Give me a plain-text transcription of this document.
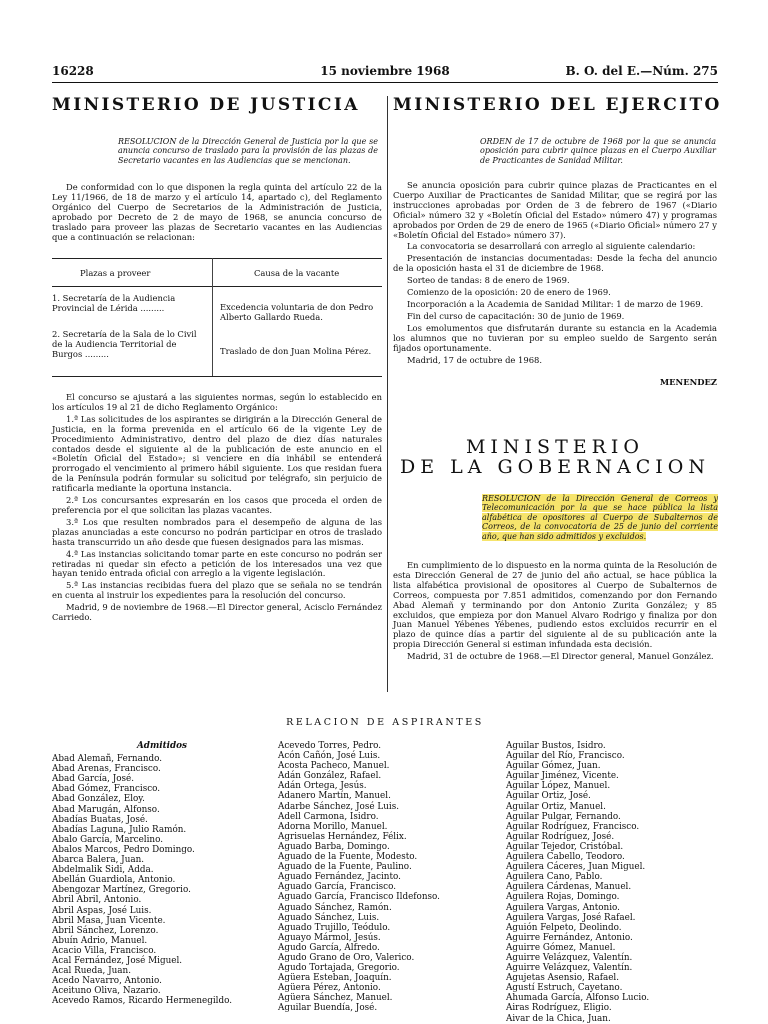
16228	15 noviembre 1968	B. O. del E.—Núm. 275
MINISTERIO DE JUSTICIA
RESOLUCION de la Dirección General de Justicia por la que se anuncia concurso de traslado para la provisión de las plazas de Secretario vacantes en las Audiencias que se mencionan.

De conformidad con lo que disponen la regla quinta del artículo 22 de la Ley 11/1966, de 18 de marzo y el artículo 14, apartado c), del Reglamento Orgánico del Cuerpo de Secretarios de la Administración de Justicia, aprobado por Decreto de 2 de mayo de 1968, se anuncia concurso de traslado para proveer las plazas de Secretario vacantes en las Audiencias que a continuación se relacionan:

Plazas a proveer	Causa de la vacante
1. Secretaría de la Audiencia Provincial de Lérida .........	Excedencia voluntaria de don Pedro Alberto Gallardo Rueda.
2. Secretaría de la Sala de lo Civil de la Audiencia Territorial de Burgos .........	Traslado de don Juan Molina Pérez.

El concurso se ajustará a las siguientes normas, según lo establecido en los artículos 19 al 21 de dicho Reglamento Orgánico:

1.ª Las solicitudes de los aspirantes se dirigirán a la Dirección General de Justicia, en la forma prevenida en el artículo 66 de la vigente Ley de Procedimiento Administrativo, dentro del plazo de diez días naturales contados desde el siguiente al de la publicación de este anuncio en el «Boletín Oficial del Estado»; si venciere en día inhábil se entenderá prorrogado el vencimiento al primero hábil siguiente. Los que residan fuera de la Península podrán formular su solicitud por telégrafo, sin perjuicio de ratificarla mediante la oportuna instancia.

2.ª Los concursantes expresarán en los casos que proceda el orden de preferencia por el que solicitan las plazas vacantes.

3.ª Los que resulten nombrados para el desempeño de alguna de las plazas anunciadas a este concurso no podrán participar en otros de traslado hasta transcurrido un año desde que fuesen designados para las mismas.

4.ª Las instancias solicitando tomar parte en este concurso no podrán ser retiradas ni quedar sin efecto a petición de los interesados una vez que hayan tenido entrada oficial con arreglo a la vigente legislación.

5.ª Las instancias recibidas fuera del plazo que se señala no se tendrán en cuenta al instruir los expedientes para la resolución del concurso.

Madrid, 9 de noviembre de 1968.—El Director general, Acisclo Fernández Carriedo.

MINISTERIO DEL EJERCITO
ORDEN de 17 de octubre de 1968 por la que se anuncia oposición para cubrir quince plazas en el Cuerpo Auxiliar de Practicantes de Sanidad Militar.

Se anuncia oposición para cubrir quince plazas de Practicantes en el Cuerpo Auxiliar de Practicantes de Sanidad Militar, que se regirá por las instrucciones aprobadas por Orden de 3 de febrero de 1967 («Diario Oficial» número 32 y «Boletín Oficial del Estado» número 47) y programas aprobados por Orden de 29 de enero de 1965 («Diario Oficial» número 27 y «Boletín Oficial del Estado» número 37).

La convocatoria se desarrollará con arreglo al siguiente calendario:

Presentación de instancias documentadas: Desde la fecha del anuncio de la oposición hasta el 31 de diciembre de 1968.

Sorteo de tandas: 8 de enero de 1969.

Comienzo de la oposición: 20 de enero de 1969.

Incorporación a la Academia de Sanidad Militar: 1 de marzo de 1969.

Fin del curso de capacitación: 30 de junio de 1969.

Los emolumentos que disfrutarán durante su estancia en la Academia los alumnos que no tuvieran por su empleo sueldo de Sargento serán fijados oportunamente.

Madrid, 17 de octubre de 1968.

MENENDEZ
MINISTERIO
DE LA GOBERNACION
RESOLUCION de la Dirección General de Correos y Telecomunicación por la que se hace pública la lista alfabética de opositores al Cuerpo de Subalternos de Correos, de la convocatoria de 25 de junio del corriente año, que han sido admitidos y excluidos.

En cumplimiento de lo dispuesto en la norma quinta de la Resolución de esta Dirección General de 27 de junio del año actual, se hace pública la lista alfabética provisional de opositores al Cuerpo de Subalternos de Correos, compuesta por 7.851 admitidos, comenzando por don Fernando Abad Alemañ y terminando por don Antonio Zurita González; y 85 excluidos, que empieza por don Manuel Alvaro Rodrigo y finaliza por don Juan Manuel Yébenes Yébenes, pudiendo estos excluidos recurrir en el plazo de quince días a partir del siguiente al de su publicación ante la propia Dirección General si estiman infundada esta decisión.

Madrid, 31 de octubre de 1968.—El Director general, Manuel González.

RELACION DE ASPIRANTES
Admitidos
Abad Alemañ, Fernando.
Abad Arenas, Francisco.
Abad García, José.
Abad Gómez, Francisco.
Abad González, Eloy.
Abad Marugán, Alfonso.
Abadías Buatas, José.
Abadías Laguna, Julio Ramón.
Abalo García, Marcelino.
Abalos Marcos, Pedro Domingo.
Abarca Balera, Juan.
Abdelmalik Sidi, Adda.
Abellán Guardiola, Antonio.
Abengozar Martínez, Gregorio.
Abril Abril, Antonio.
Abril Aspas, José Luis.
Abril Masa, Juan Vicente.
Abril Sánchez, Lorenzo.
Abuín Adrio, Manuel.
Acacio Villa, Francisco.
Acal Fernández, José Miguel.
Acal Rueda, Juan.
Acedo Navarro, Antonio.
Aceituno Oliva, Nazario.
Acevedo Ramos, Ricardo Hermenegildo.
Acevedo Torres, Pedro.
Acón Cañón, José Luis.
Acosta Pacheco, Manuel.
Adán González, Rafael.
Adán Ortega, Jesús.
Adanero Martín, Manuel.
Adarbe Sánchez, José Luis.
Adell Carmona, Isidro.
Adorna Morillo, Manuel.
Agrisuelas Hernández, Félix.
Aguado Barba, Domingo.
Aguado de la Fuente, Modesto.
Aguado de la Fuente, Paulino.
Aguado Fernández, Jacinto.
Aguado García, Francisco.
Aguado García, Francisco Ildefonso.
Aguado Sánchez, Ramón.
Aguado Sánchez, Luis.
Aguado Trujillo, Teódulo.
Aguayo Mármol, Jesús.
Agudo García, Alfredo.
Agudo Grano de Oro, Valerico.
Agudo Tortajada, Gregorio.
Agüera Esteban, Joaquín.
Agüera Pérez, Antonio.
Agüera Sánchez, Manuel.
Aguilar Buendía, José.
Aguilar Bustos, Isidro.
Aguilar del Río, Francisco.
Aguilar Gómez, Juan.
Aguilar Jiménez, Vicente.
Aguilar López, Manuel.
Aguilar Ortiz, José.
Aguilar Ortiz, Manuel.
Aguilar Pulgar, Fernando.
Aguilar Rodríguez, Francisco.
Aguilar Rodríguez, José.
Aguilar Tejedor, Cristóbal.
Aguilera Cabello, Teodoro.
Aguilera Cáceres, Juan Miguel.
Aguilera Cano, Pablo.
Aguilera Cárdenas, Manuel.
Aguilera Rojas, Domingo.
Aguilera Vargas, Antonio.
Aguilera Vargas, José Rafael.
Aguión Felpeto, Deolindo.
Aguirre Fernández, Antonio.
Aguirre Gómez, Manuel.
Aguirre Velázquez, Valentín.
Aguirre Velázquez, Valentín.
Agujetas Asensio, Rafael.
Agustí Estruch, Cayetano.
Ahumada García, Alfonso Lucio.
Airas Rodríguez, Eligio.
Aivar de la Chica, Juan.
